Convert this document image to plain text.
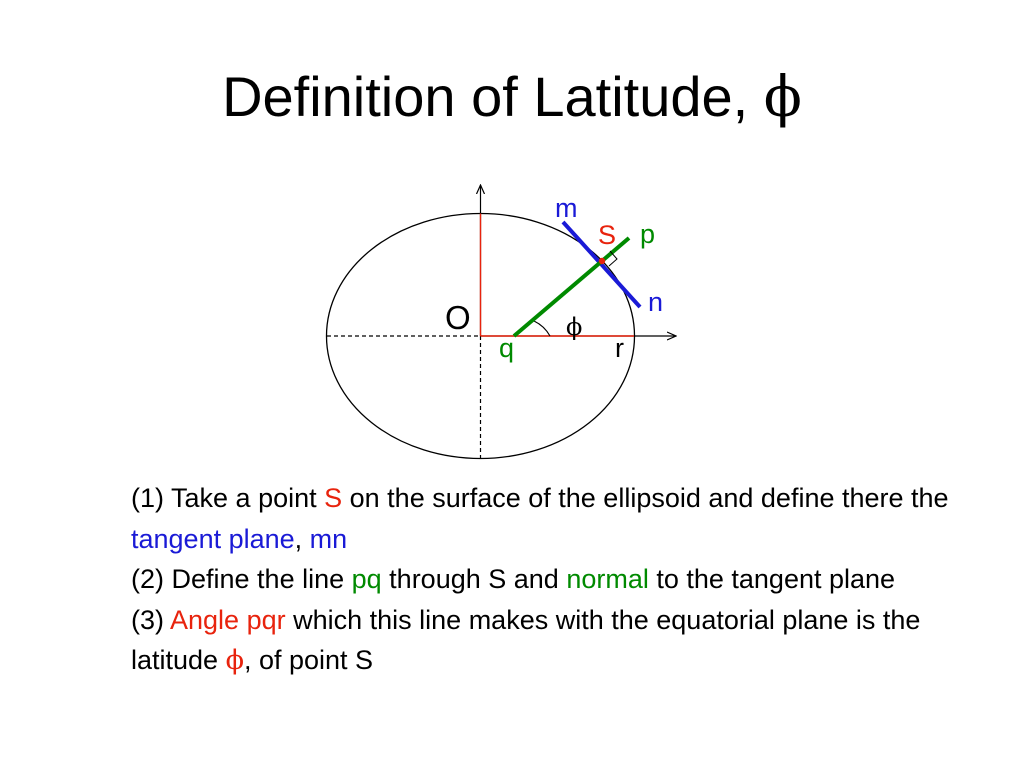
Definition of Latitude, ϕ
m
S p
n
O	ϕ
q	r

(1) Take a point S on the surface of the ellipsoid and define there the tangent plane, mn

(2) Define the line pq through S and normal to the tangent plane

(3) Angle pqr which this line makes with the equatorial plane is the latitude ϕ, of point S
